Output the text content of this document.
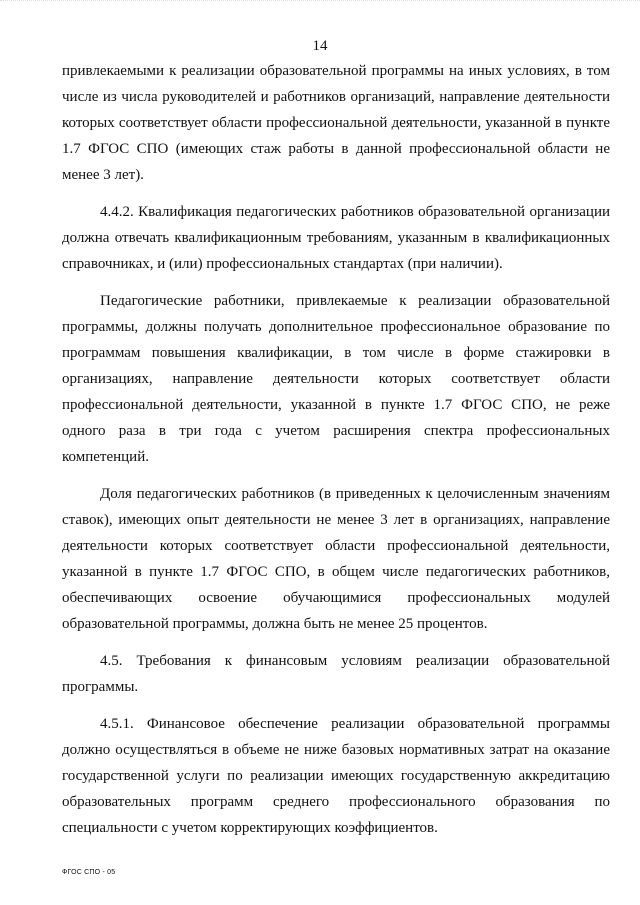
14

привлекаемыми к реализации образовательной программы на иных условиях, в том числе из числа руководителей и работников организаций, направление деятельности которых соответствует области профессиональной деятельности, указанной в пункте 1.7 ФГОС СПО (имеющих стаж работы в данной профессиональной области не менее 3 лет).

4.4.2. Квалификация педагогических работников образовательной организации должна отвечать квалификационным требованиям, указанным в квалификационных справочниках, и (или) профессиональных стандартах (при наличии).

Педагогические работники, привлекаемые к реализации образовательной программы, должны получать дополнительное профессиональное образование по программам повышения квалификации, в том числе в форме стажировки в организациях, направление деятельности которых соответствует области профессиональной деятельности, указанной в пункте 1.7 ФГОС СПО, не реже одного раза в три года с учетом расширения спектра профессиональных компетенций.

Доля педагогических работников (в приведенных к целочисленным значениям ставок), имеющих опыт деятельности не менее 3 лет в организациях, направление деятельности которых соответствует области профессиональной деятельности, указанной в пункте 1.7 ФГОС СПО, в общем числе педагогических работников, обеспечивающих освоение обучающимися профессиональных модулей образовательной программы, должна быть не менее 25 процентов.

4.5. Требования к финансовым условиям реализации образовательной программы.

4.5.1. Финансовое обеспечение реализации образовательной программы должно осуществляться в объеме не ниже базовых нормативных затрат на оказание государственной услуги по реализации имеющих государственную аккредитацию образовательных программ среднего профессионального образования по специальности с учетом корректирующих коэффициентов.

ФГОС СПО - 05
